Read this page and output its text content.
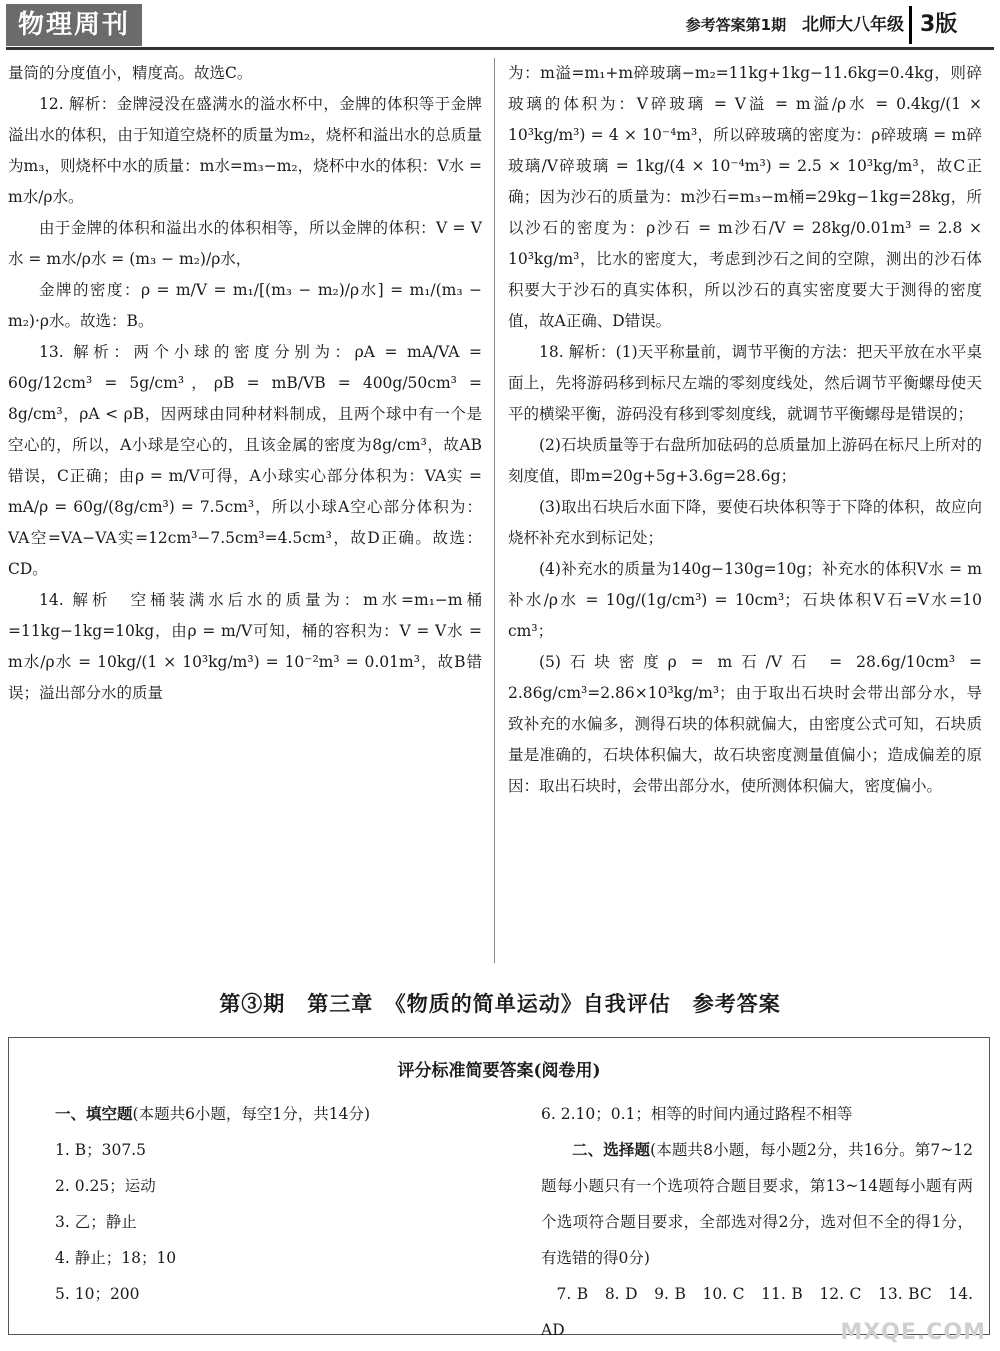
物理周刊	参考答案第1期 北师大八年级 3版

量筒的分度值小，精度高。故选C。

12. 解析：金牌浸没在盛满水的溢水杯中，金牌的体积等于金牌溢出水的体积，由于知道空烧杯的质量为m₂，烧杯和溢出水的总质量为m₃，则烧杯中水的质量：m水=m₃−m₂，烧杯中水的体积：V水 = m水/ρ水。

由于金牌的体积和溢出水的体积相等，所以金牌的体积：V = V水 = m水/ρ水 = (m₃ − m₂)/ρ水，

金牌的密度：ρ = m/V = m₁/[(m₃ − m₂)/ρ水] = m₁/(m₃ − m₂)·ρ水。故选：B。

13. 解析：两个小球的密度分别为：ρA = mA/VA = 60g/12cm³ = 5g/cm³，ρB = mB/VB = 400g/50cm³ = 8g/cm³，ρA < ρB，因两球由同种材料制成，且两个球中有一个是空心的，所以，A小球是空心的，且该金属的密度为8g/cm³，故AB错误，C正确；由ρ = m/V可得，A小球实心部分体积为：VA实 = mA/ρ = 60g/(8g/cm³) = 7.5cm³，所以小球A空心部分体积为：VA空=VA−VA实=12cm³−7.5cm³=4.5cm³，故D正确。故选：CD。

14. 解析　空桶装满水后水的质量为：m水=m₁−m桶=11kg−1kg=10kg，由ρ = m/V可知，桶的容积为：V = V水 = m水/ρ水 = 10kg/(1 × 10³kg/m³) = 10⁻²m³ = 0.01m³，故B错误；溢出部分水的质量

为：m溢=m₁+m碎玻璃−m₂=11kg+1kg−11.6kg=0.4kg，则碎玻璃的体积为：V碎玻璃 = V溢 = m溢/ρ水 = 0.4kg/(1 × 10³kg/m³) = 4 × 10⁻⁴m³，所以碎玻璃的密度为：ρ碎玻璃 = m碎玻璃/V碎玻璃 = 1kg/(4 × 10⁻⁴m³) = 2.5 × 10³kg/m³，故C正确；因为沙石的质量为：m沙石=m₃−m桶=29kg−1kg=28kg，所以沙石的密度为：ρ沙石 = m沙石/V = 28kg/0.01m³ = 2.8 × 10³kg/m³，比水的密度大，考虑到沙石之间的空隙，测出的沙石体积要大于沙石的真实体积，所以沙石的真实密度要大于测得的密度值，故A正确、D错误。

18. 解析：(1)天平称量前，调节平衡的方法：把天平放在水平桌面上，先将游码移到标尺左端的零刻度线处，然后调节平衡螺母使天平的横梁平衡，游码没有移到零刻度线，就调节平衡螺母是错误的；

(2)石块质量等于右盘所加砝码的总质量加上游码在标尺上所对的刻度值，即m=20g+5g+3.6g=28.6g；

(3)取出石块后水面下降，要使石块体积等于下降的体积，故应向烧杯补充水到标记处；

(4)补充水的质量为140g−130g=10g；补充水的体积V水 = m补水/ρ水 = 10g/(1g/cm³) = 10cm³；石块体积V石=V水=10 cm³；

(5)石块密度ρ = m石/V石 = 28.6g/10cm³ = 2.86g/cm³=2.86×10³kg/m³；由于取出石块时会带出部分水，导致补充的水偏多，测得石块的体积就偏大，由密度公式可知，石块质量是准确的，石块体积偏大，故石块密度测量值偏小；造成偏差的原因：取出石块时，会带出部分水，使所测体积偏大，密度偏小。

第③期　第三章　《物质的简单运动》自我评估　参考答案
评分标准简要答案(阅卷用)
一、填空题(本题共6小题，每空1分，共14分)
1. B；307.5
2. 0.25；运动
3. 乙；静止
4. 静止；18；10
5. 10；200
6. 2.10；0.1；相等的时间内通过路程不相等
二、选择题(本题共8小题，每小题2分，共16分。第7~12题每小题只有一个选项符合题目要求，第13~14题每小题有两个选项符合题目要求，全部选对得2分，选对但不全的得1分，有选错的得0分)
7. B　8. D　9. B　10. C　11. B　12. C　13. BC　14. AD	MXQE.COM
